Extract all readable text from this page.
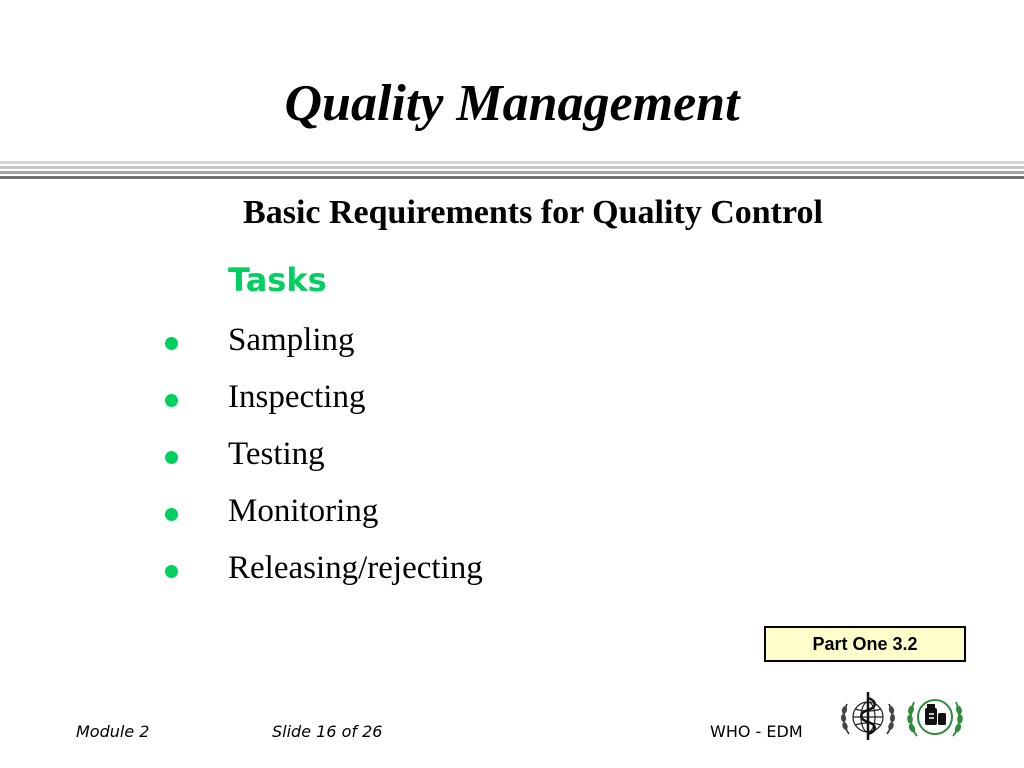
Quality Management
Basic Requirements for Quality Control
Tasks
Sampling
Inspecting
Testing
Monitoring
Releasing/rejecting
Part One 3.2
Module 2	Slide 16 of 26	WHO - EDM
